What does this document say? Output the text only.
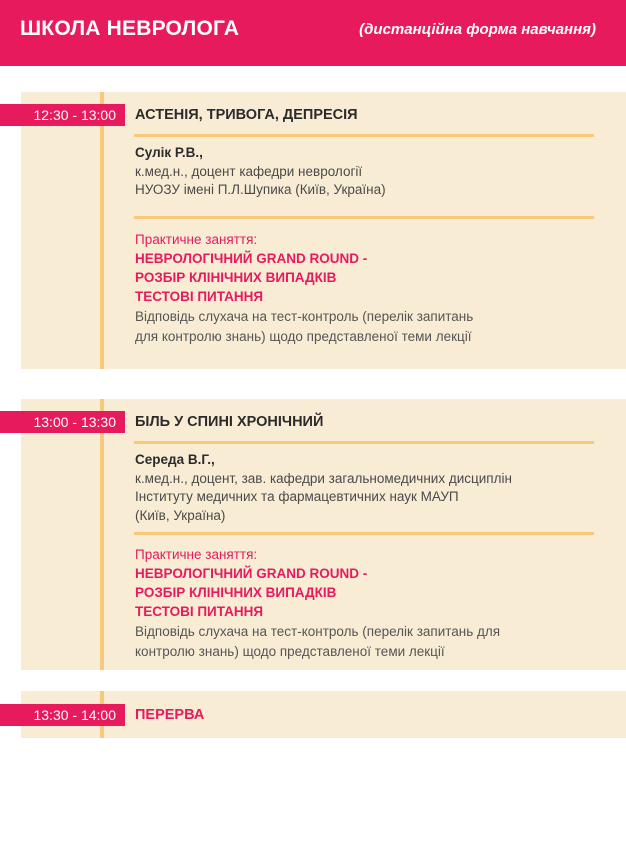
ШКОЛА НЕВРОЛОГА	(дистанційна форма навчання)
12:30 - 13:00	АСТЕНІЯ, ТРИВОГА, ДЕПРЕСІЯ
Сулік Р.В.,
к.мед.н., доцент кафедри неврології
НУОЗУ імені П.Л.Шупика (Київ, Україна)
Практичне заняття:
НЕВРОЛОГІЧНИЙ GRAND ROUND -
РОЗБІР КЛІНІЧНИХ ВИПАДКІВ
ТЕСТОВІ ПИТАННЯ
Відповідь слухача на тест-контроль (перелік запитань
для контролю знань) щодо представленої теми лекції
13:00 - 13:30	БІЛЬ У СПИНІ ХРОНІЧНИЙ
Середа В.Г.,
к.мед.н., доцент, зав. кафедри загальномедичних дисциплін
Інституту медичних та фармацевтичних наук МАУП
(Київ, Україна)
Практичне заняття:
НЕВРОЛОГІЧНИЙ GRAND ROUND -
РОЗБІР КЛІНІЧНИХ ВИПАДКІВ
ТЕСТОВІ ПИТАННЯ
Відповідь слухача на тест-контроль (перелік запитань для
контролю знань) щодо представленої теми лекції
13:30 - 14:00	ПЕРЕРВА
